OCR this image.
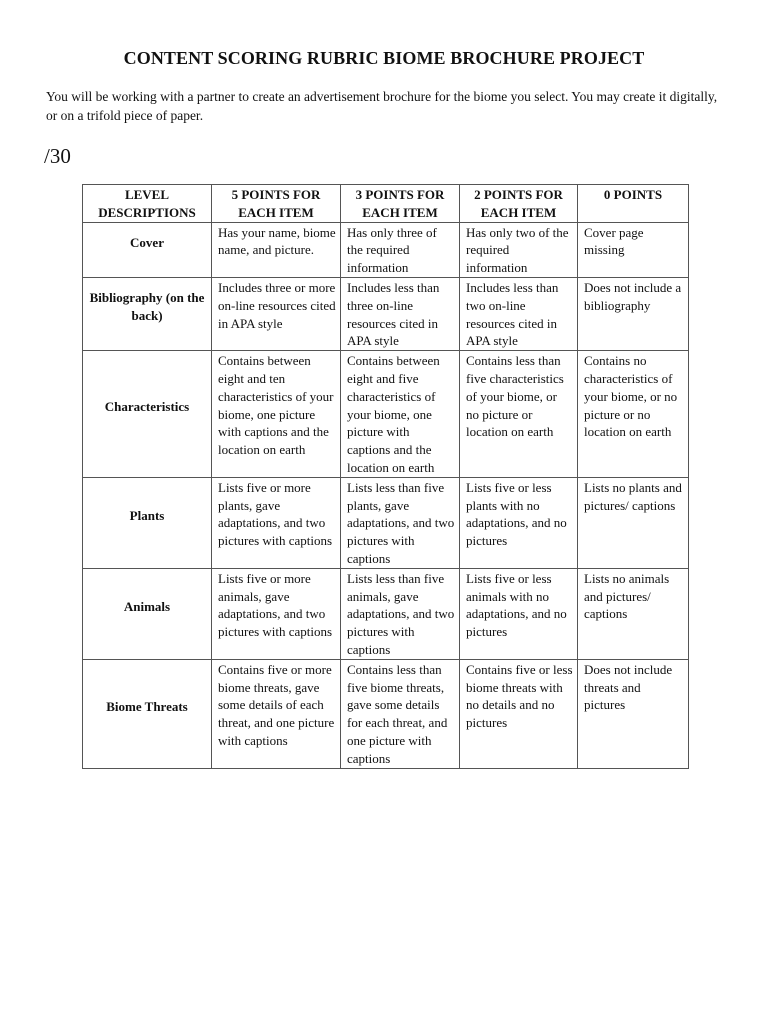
CONTENT SCORING RUBRIC BIOME BROCHURE PROJECT
You will be working with a partner to create an advertisement brochure for the biome you select. You may create it digitally, or on a trifold piece of paper.
/30
LEVEL DESCRIPTIONS	5 POINTS FOR EACH ITEM	3 POINTS FOR EACH ITEM	2 POINTS FOR EACH ITEM	0 POINTS

Cover	Has your name, biome name, and picture.	Has only three of the required information	Has only two of the required information	Cover page missing

Bibliography (on the back)	Includes three or more on-line resources cited in APA style	Includes less than three on-line resources cited in APA style	Includes less than two on-line resources cited in APA style	Does not include a bibliography

Characteristics	Contains between eight and ten characteristics of your biome, one picture with captions and the location on earth	Contains between eight and five characteristics of your biome, one picture with captions and the location on earth	Contains less than five characteristics of your biome, or no picture or location on earth	Contains no characteristics of your biome, or no picture or no location on earth

Plants	Lists five or more plants, gave adaptations, and two pictures with captions	Lists less than five plants, gave adaptations, and two pictures with captions	Lists five or less plants with no adaptations, and no pictures	Lists no plants and pictures/ captions

Animals	Lists five or more animals, gave adaptations, and two pictures with captions	Lists less than five animals, gave adaptations, and two pictures with captions	Lists five or less animals with no adaptations, and no pictures	Lists no animals and pictures/ captions

Biome Threats	Contains five or more biome threats, gave some details of each threat, and one picture with captions	Contains less than five biome threats, gave some details for each threat, and one picture with captions	Contains five or less biome threats with no details and no pictures	Does not include threats and pictures
